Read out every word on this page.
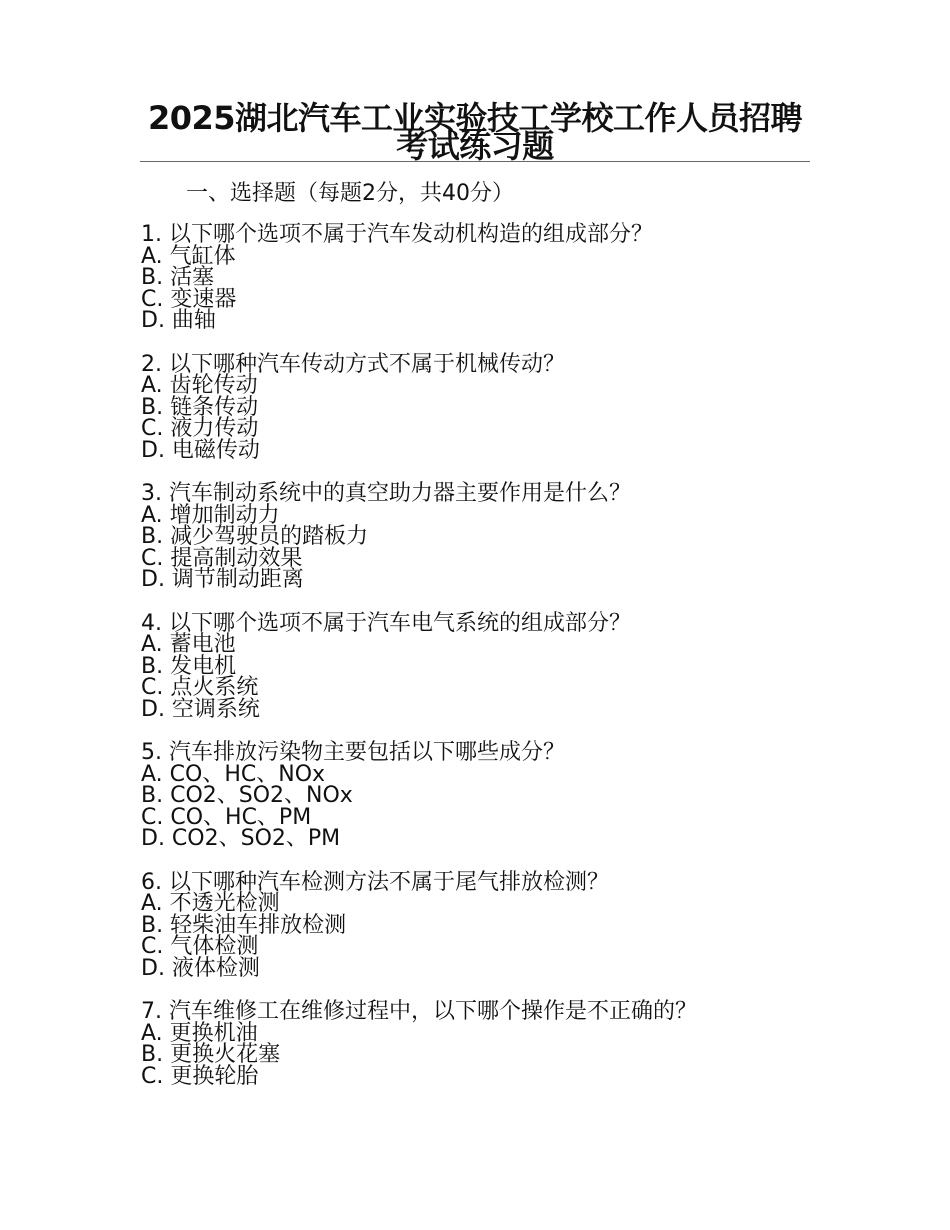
2025湖北汽车工业实验技工学校工作人员招聘考试练习题

一、选择题（每题2分，共40分）

1. 以下哪个选项不属于汽车发动机构造的组成部分？

A. 气缸体
B. 活塞
C. 变速器
D. 曲轴

2. 以下哪种汽车传动方式不属于机械传动？

A. 齿轮传动
B. 链条传动
C. 液力传动
D. 电磁传动

3. 汽车制动系统中的真空助力器主要作用是什么？

A. 增加制动力
B. 减少驾驶员的踏板力
C. 提高制动效果
D. 调节制动距离

4. 以下哪个选项不属于汽车电气系统的组成部分？

A. 蓄电池
B. 发电机
C. 点火系统
D. 空调系统

5. 汽车排放污染物主要包括以下哪些成分？

A. CO、HC、NOx
B. CO2、SO2、NOx
C. CO、HC、PM
D. CO2、SO2、PM

6. 以下哪种汽车检测方法不属于尾气排放检测？

A. 不透光检测
B. 轻柴油车排放检测
C. 气体检测
D. 液体检测

7. 汽车维修工在维修过程中，以下哪个操作是不正确的？

A. 更换机油
B. 更换火花塞
C. 更换轮胎
